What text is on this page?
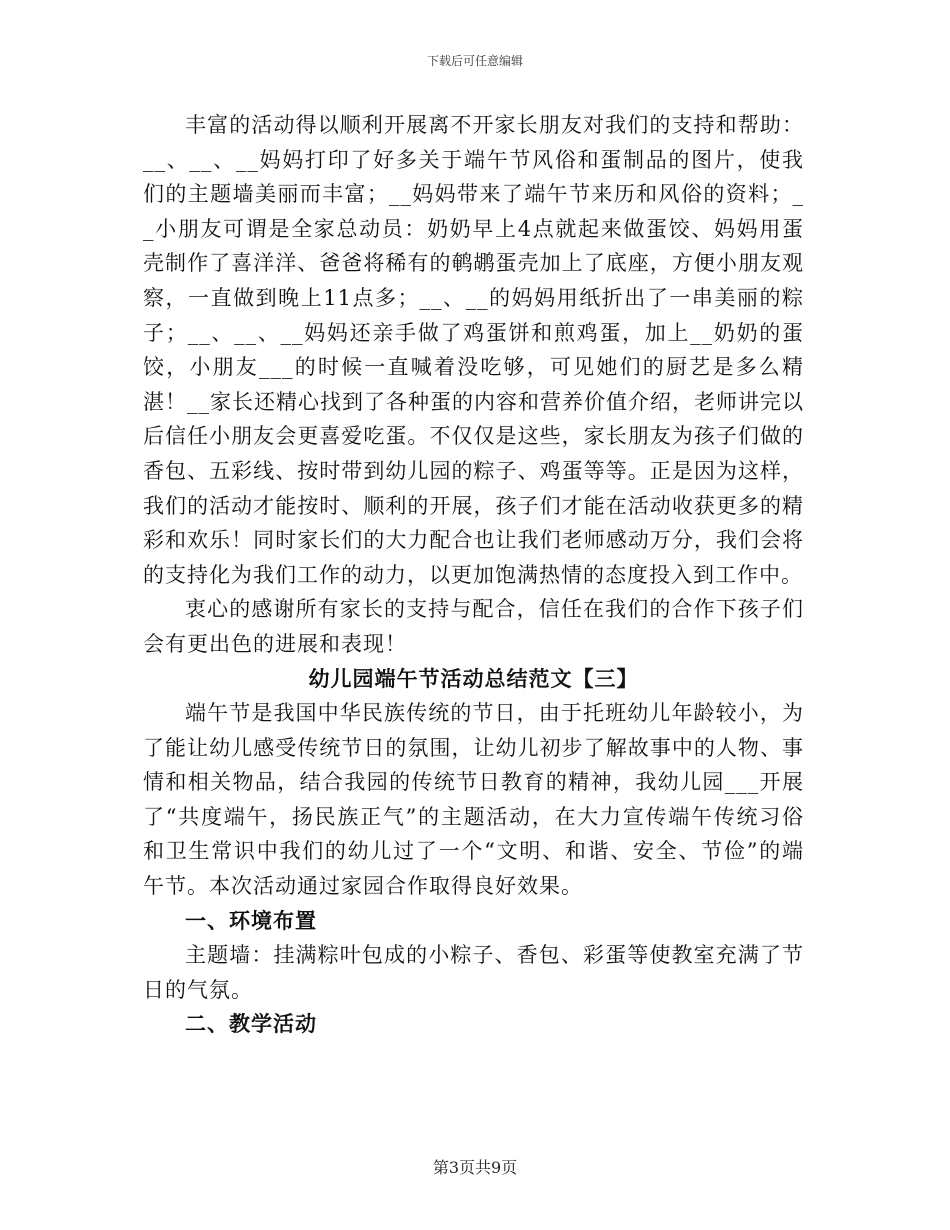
下载后可任意编辑

丰富的活动得以顺利开展离不开家长朋友对我们的支持和帮助：__、__、__妈妈打印了好多关于端午节风俗和蛋制品的图片，使我们的主题墙美丽而丰富；__妈妈带来了端午节来历和风俗的资料；__小朋友可谓是全家总动员：奶奶早上4点就起来做蛋饺、妈妈用蛋壳制作了喜洋洋、爸爸将稀有的鹌鹕蛋壳加上了底座，方便小朋友观察，一直做到晚上11点多；__、__的妈妈用纸折出了一串美丽的粽子；__、__、__妈妈还亲手做了鸡蛋饼和煎鸡蛋，加上__奶奶的蛋饺，小朋友___的时候一直喊着没吃够，可见她们的厨艺是多么精湛！__家长还精心找到了各种蛋的内容和营养价值介绍，老师讲完以后信任小朋友会更喜爱吃蛋。不仅仅是这些，家长朋友为孩子们做的香包、五彩线、按时带到幼儿园的粽子、鸡蛋等等。正是因为这样，我们的活动才能按时、顺利的开展，孩子们才能在活动收获更多的精彩和欢乐！同时家长们的大力配合也让我们老师感动万分，我们会将的支持化为我们工作的动力，以更加饱满热情的态度投入到工作中。

衷心的感谢所有家长的支持与配合，信任在我们的合作下孩子们会有更出色的进展和表现！

幼儿园端午节活动总结范文【三】

端午节是我国中华民族传统的节日，由于托班幼儿年龄较小，为了能让幼儿感受传统节日的氛围，让幼儿初步了解故事中的人物、事情和相关物品，结合我园的传统节日教育的精神，我幼儿园___开展了“共度端午，扬民族正气”的主题活动，在大力宣传端午传统习俗和卫生常识中我们的幼儿过了一个“文明、和谐、安全、节俭”的端午节。本次活动通过家园合作取得良好效果。

一、环境布置

主题墙：挂满粽叶包成的小粽子、香包、彩蛋等使教室充满了节日的气氛。

二、教学活动

第3页共9页
